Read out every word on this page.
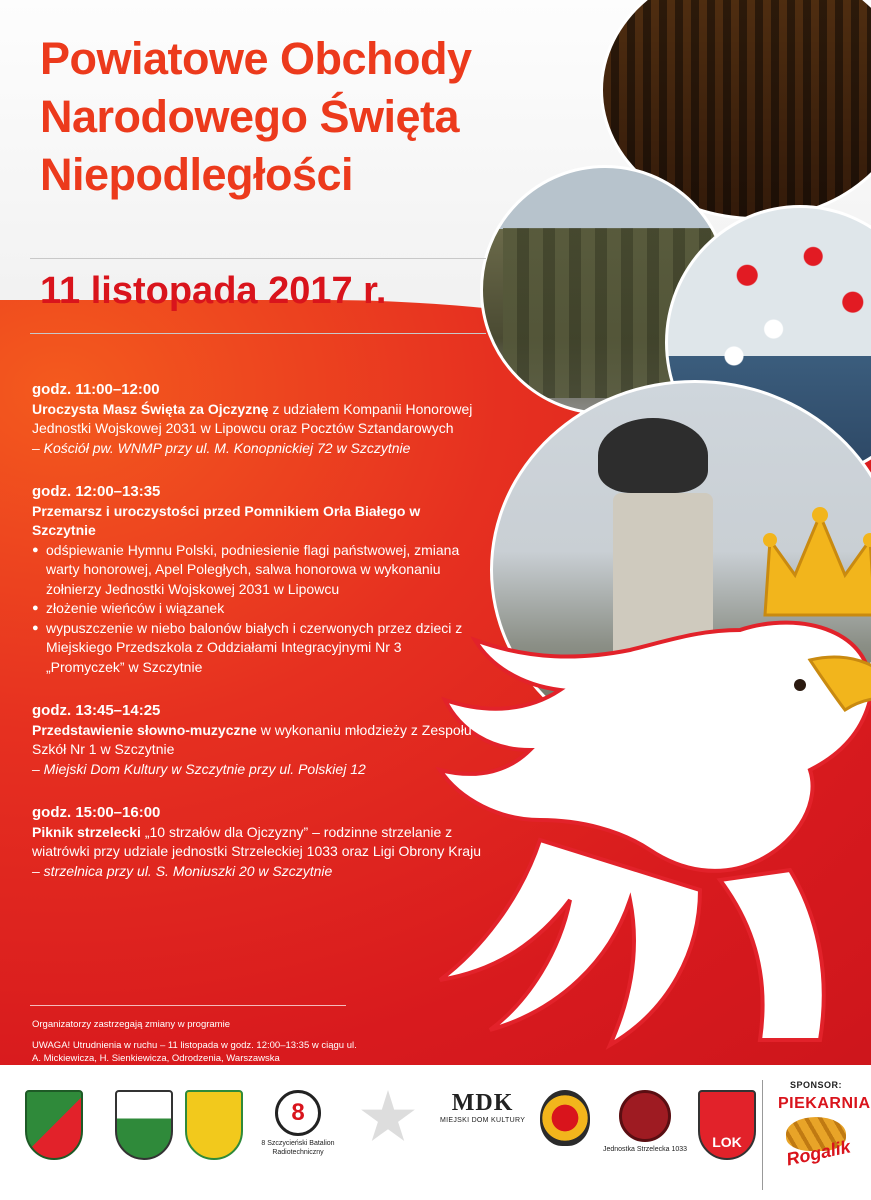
Powiatowe Obchody
Narodowego Święta
Niepodległości
11 listopada 2017 r.
godz. 11:00–12:00
Uroczysta Masz Święta za Ojczyznę z udziałem Kompanii Honorowej Jednostki Wojskowej 2031 w Lipowcu oraz Pocztów Sztandarowych
– Kościół pw. WNMP przy ul. M. Konopnickiej 72 w Szczytnie
godz. 12:00–13:35
Przemarsz i uroczystości przed Pomnikiem Orła Białego w Szczytnie
● odśpiewanie Hymnu Polski, podniesienie flagi państwowej, zmiana warty honorowej, Apel Poległych, salwa honorowa w wykonaniu żołnierzy Jednostki Wojskowej 2031 w Lipowcu
● złożenie wieńców i wiązanek
● wypuszczenie w niebo balonów białych i czerwonych przez dzieci z Miejskiego Przedszkola z Oddziałami Integracyjnymi Nr 3 „Promyczek” w Szczytnie
godz. 13:45–14:25
Przedstawienie słowno-muzyczne w wykonaniu młodzieży z Zespołu Szkół Nr 1 w Szczytnie
– Miejski Dom Kultury w Szczytnie przy ul. Polskiej 12
godz. 15:00–16:00
Piknik strzelecki „10 strzałów dla Ojczyzny” – rodzinne strzelanie z wiatrówki przy udziale jednostki Strzeleckiej 1033 oraz Ligi Obrony Kraju
– strzelnica przy ul. S. Moniuszki 20 w Szczytnie

Organizatorzy zastrzegają zmiany w programie

UWAGA! Utrudnienia w ruchu – 11 listopada w godz. 12:00–13:35 w ciągu ul. A. Mickiewicza, H. Sienkiewicza, Odrodzenia, Warszawska

8
8 Szczycieński Batalion Radiotechniczny
MDK
MIEJSKI DOM KULTURY
Jednostka Strzelecka 1033	LOK
SPONSOR:
PIEKARNIA
Rogalik
